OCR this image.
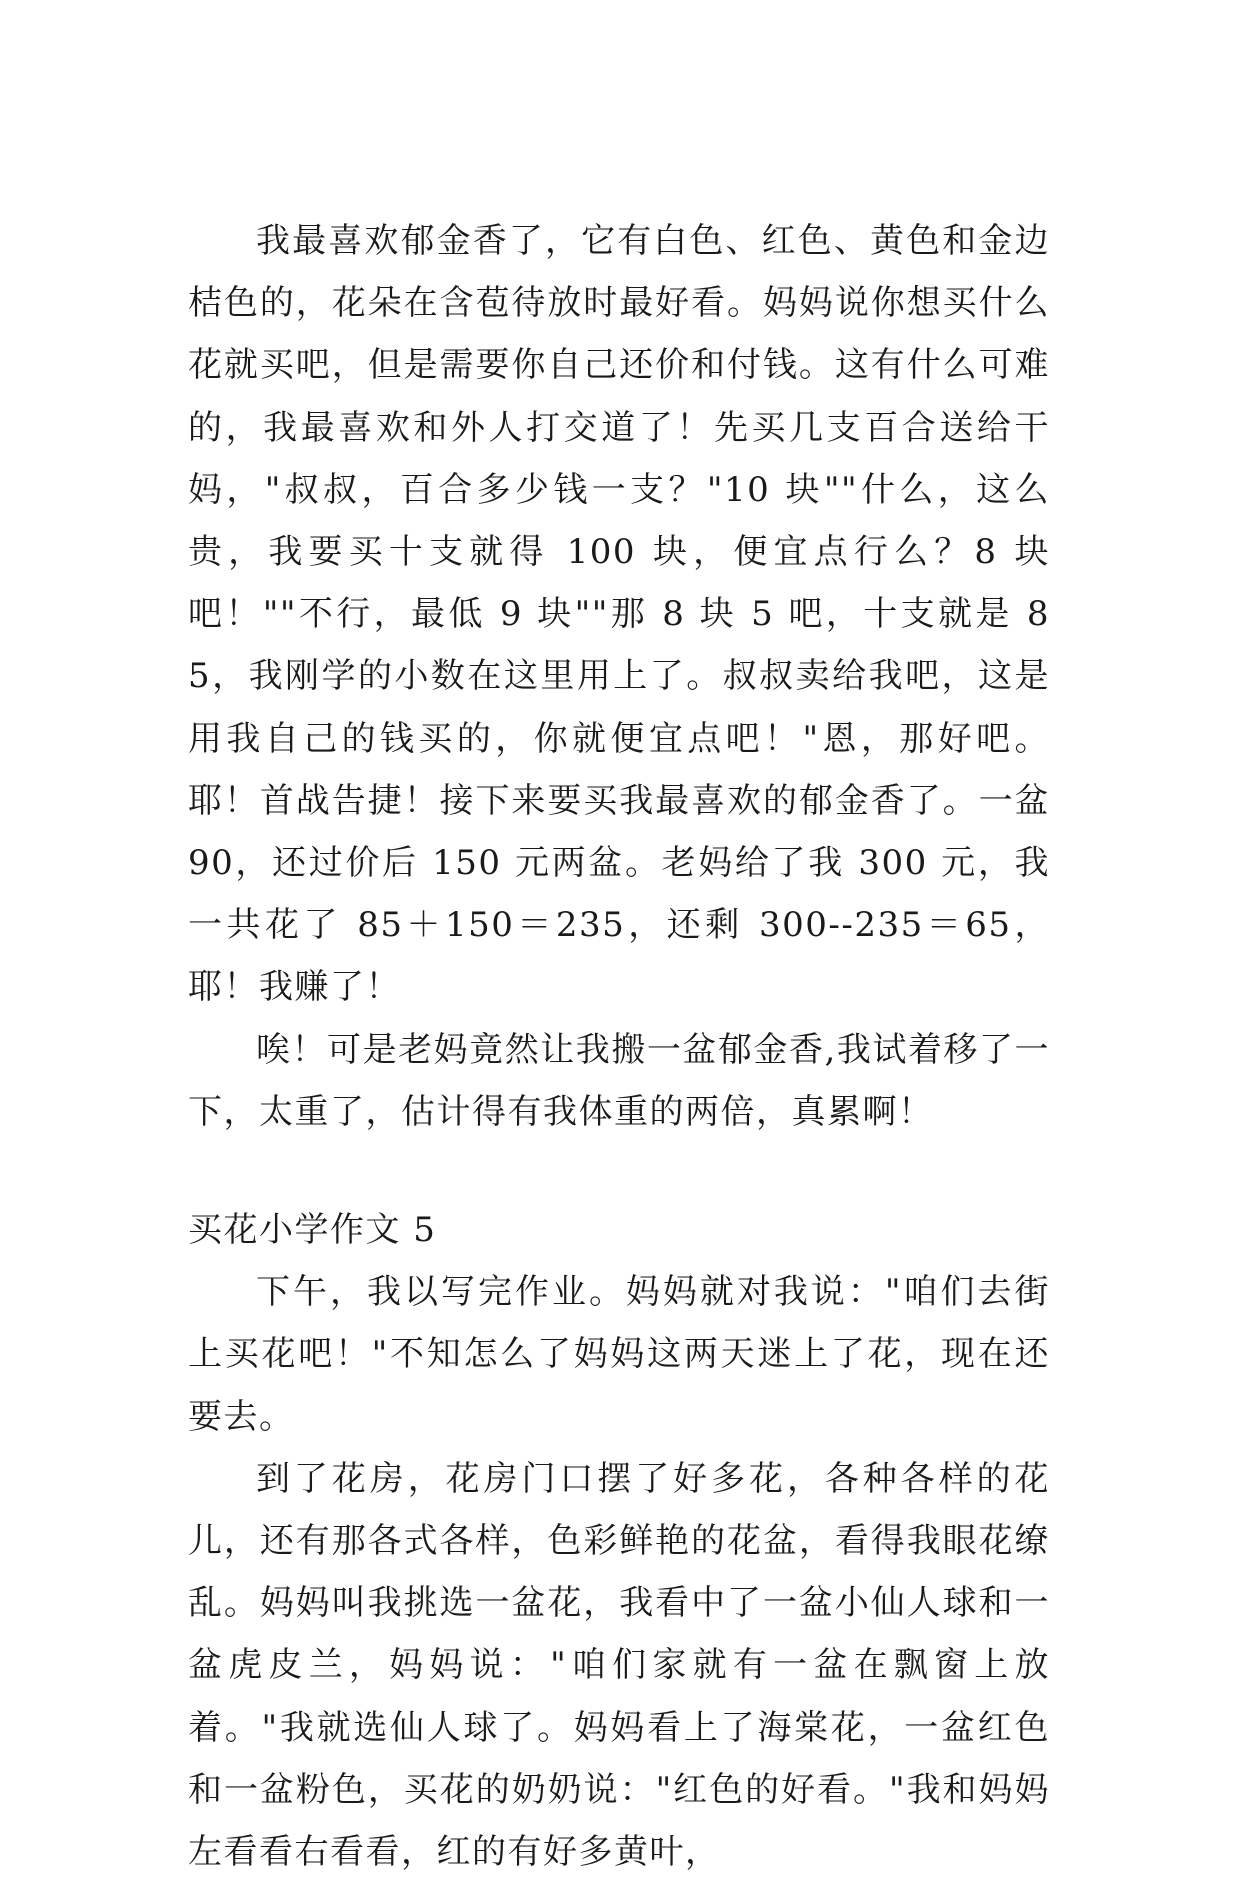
我最喜欢郁金香了，它有白色、红色、黄色和金边桔色的，花朵在含苞待放时最好看。妈妈说你想买什么花就买吧，但是需要你自己还价和付钱。这有什么可难的，我最喜欢和外人打交道了！先买几支百合送给干妈，"叔叔，百合多少钱一支？"10 块""什么，这么贵，我要买十支就得 100 块，便宜点行么？8 块吧！""不行，最低 9 块""那 8 块 5 吧，十支就是 85，我刚学的小数在这里用上了。叔叔卖给我吧，这是用我自己的钱买的，你就便宜点吧！"恩，那好吧。耶！首战告捷！接下来要买我最喜欢的郁金香了。一盆 90，还过价后 150 元两盆。老妈给了我 300 元，我一共花了 85＋150＝235，还剩 300--235＝65，耶！我赚了！

唉！可是老妈竟然让我搬一盆郁金香,我试着移了一下，太重了，估计得有我体重的两倍，真累啊！

买花小学作文 5

下午，我以写完作业。妈妈就对我说："咱们去街上买花吧！"不知怎么了妈妈这两天迷上了花，现在还要去。

到了花房，花房门口摆了好多花，各种各样的花儿，还有那各式各样，色彩鲜艳的花盆，看得我眼花缭乱。妈妈叫我挑选一盆花，我看中了一盆小仙人球和一盆虎皮兰，妈妈说："咱们家就有一盆在飘窗上放着。"我就选仙人球了。妈妈看上了海棠花，一盆红色和一盆粉色，买花的奶奶说："红色的好看。"我和妈妈左看看右看看，红的有好多黄叶，
